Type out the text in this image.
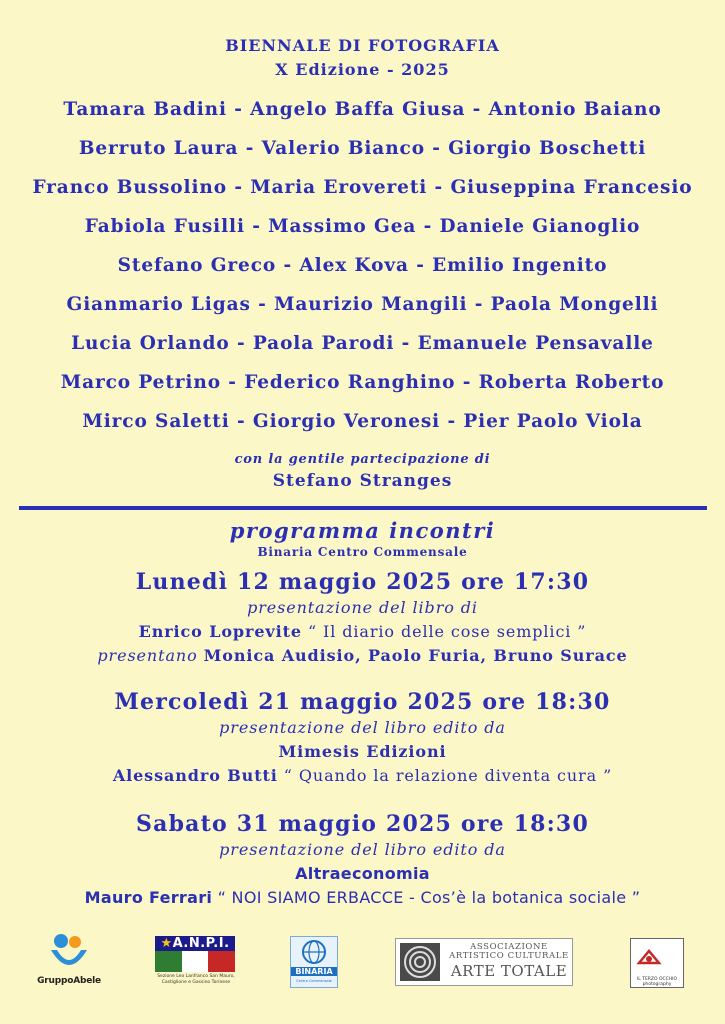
BIENNALE DI FOTOGRAFIA
X Edizione - 2025
Tamara Badini - Angelo Baffa Giusa - Antonio Baiano
Berruto Laura - Valerio Bianco - Giorgio Boschetti
Franco Bussolino - Maria Eroveretі - Giuseppina Francesio
Fabiola Fusilli - Massimo Gea - Daniele Gianoglio
Stefano Greco - Alex Kova - Emilio Ingenito
Gianmario Ligas - Maurizio Mangili - Paola Mongelli
Lucia Orlando - Paola Parodi - Emanuele Pensavalle
Marco Petrino - Federico Ranghino - Roberta Roberto
Mirco Saletti - Giorgio Veronesi - Pier Paolo Viola
con la gentile partecipazione di
Stefano Stranges
programma incontri
Binaria Centro Commensale
Lunedì 12 maggio 2025 ore 17:30
presentazione del libro di
Enrico Loprevite “ Il diario delle cose semplici ”
presentano Monica Audisio, Paolo Furia, Bruno Surace
Mercoledì 21 maggio 2025 ore 18:30
presentazione del libro edito da
Mimesis Edizioni
Alessandro Butti “ Quando la relazione diventa cura ”
Sabato 31 maggio 2025 ore 18:30
presentazione del libro edito da
Altraeconomia
Mauro Ferrari “ NOI SIAMO ERBACCE - Cos’è la botanica sociale ”
GruppoAbele
★A.N.P.I.
Sezione Leo Lanfranco San Mauro, Castiglione e Gassino Torinese
BINARIA
Centro Commensale
ASSOCIAZIONE ARTISTICO CULTURALE
ARTE TOTALE	IL TERZO OCCHIO photography
